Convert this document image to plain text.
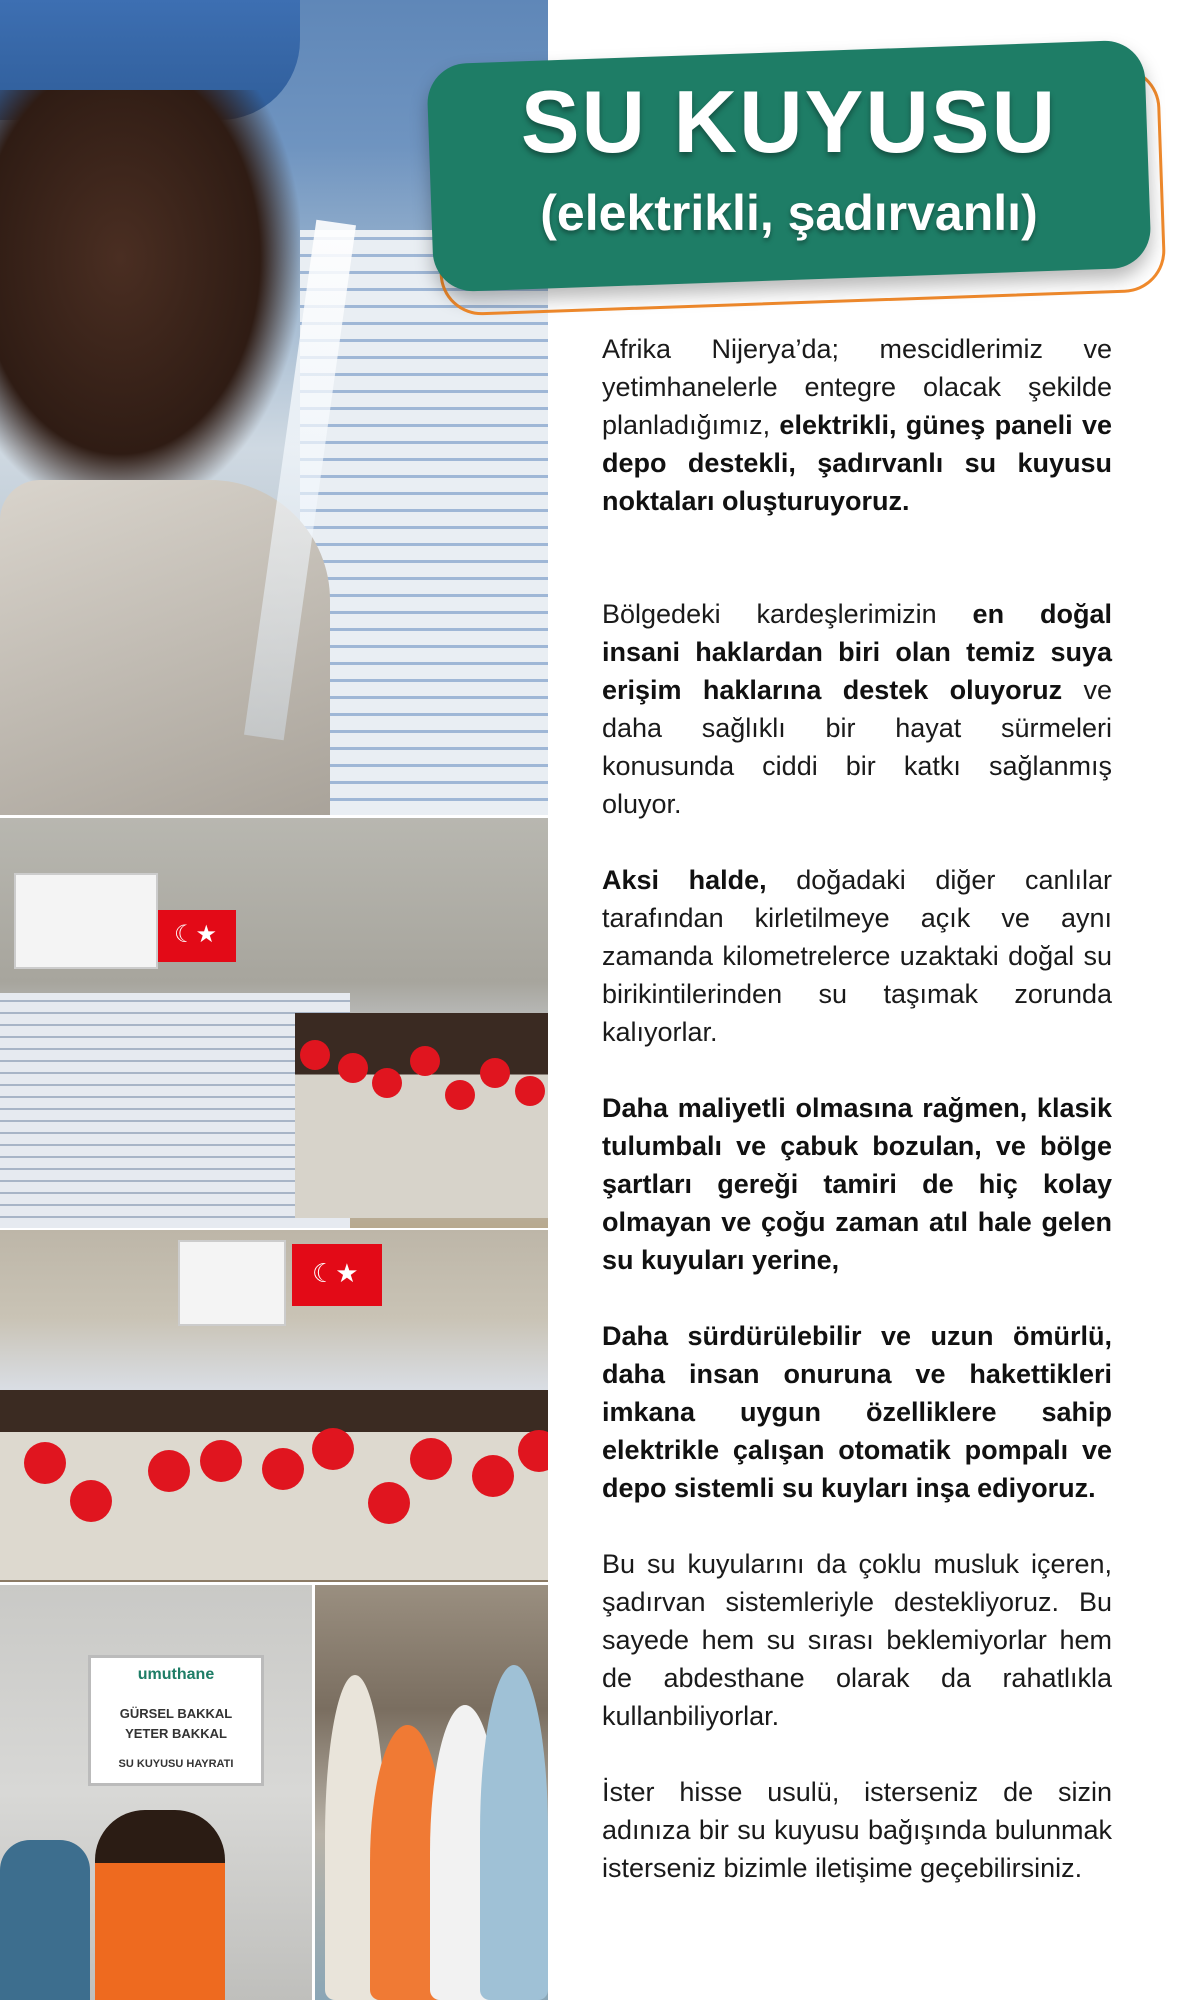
☾★
☾★
umuthane
GÜRSEL BAKKAL
YETER BAKKAL
SU KUYUSU HAYRATI
SU KUYUSU
(elektrikli, şadırvanlı)

Afrika Nijerya’da; mescidlerimiz ve yetimhanelerle entegre olacak şekilde planladığımız, elektrikli, güneş paneli ve depo destekli, şadırvanlı su kuyusu noktaları oluşturuyoruz.

Bölgedeki kardeşlerimizin en doğal insani haklardan biri olan temiz suya erişim haklarına destek oluyoruz ve daha sağlıklı bir hayat sürmeleri konusunda ciddi bir katkı sağlanmış oluyor.

Aksi halde, doğadaki diğer canlılar tarafından kirletilmeye açık ve aynı zamanda kilometrelerce uzaktaki doğal su birikintilerinden su taşımak zorunda kalıyorlar.

Daha maliyetli olmasına rağmen, klasik tulumbalı ve çabuk bozulan, ve bölge şartları gereği tamiri de hiç kolay olmayan ve çoğu zaman atıl hale gelen su kuyuları yerine,

Daha sürdürülebilir ve uzun ömürlü, daha insan onuruna ve hakettikleri imkana uygun özelliklere sahip elektrikle çalışan otomatik pompalı ve depo sistemli su kuyları inşa ediyoruz.

Bu su kuyularını da çoklu musluk içeren, şadırvan sistemleriyle destekliyoruz. Bu sayede hem su sırası beklemiyorlar hem de abdesthane olarak da rahatlıkla kullanbiliyorlar.

İster hisse usulü, isterseniz de sizin adınıza bir su kuyusu bağışında bulunmak isterseniz bizimle iletişime geçebilirsiniz.
